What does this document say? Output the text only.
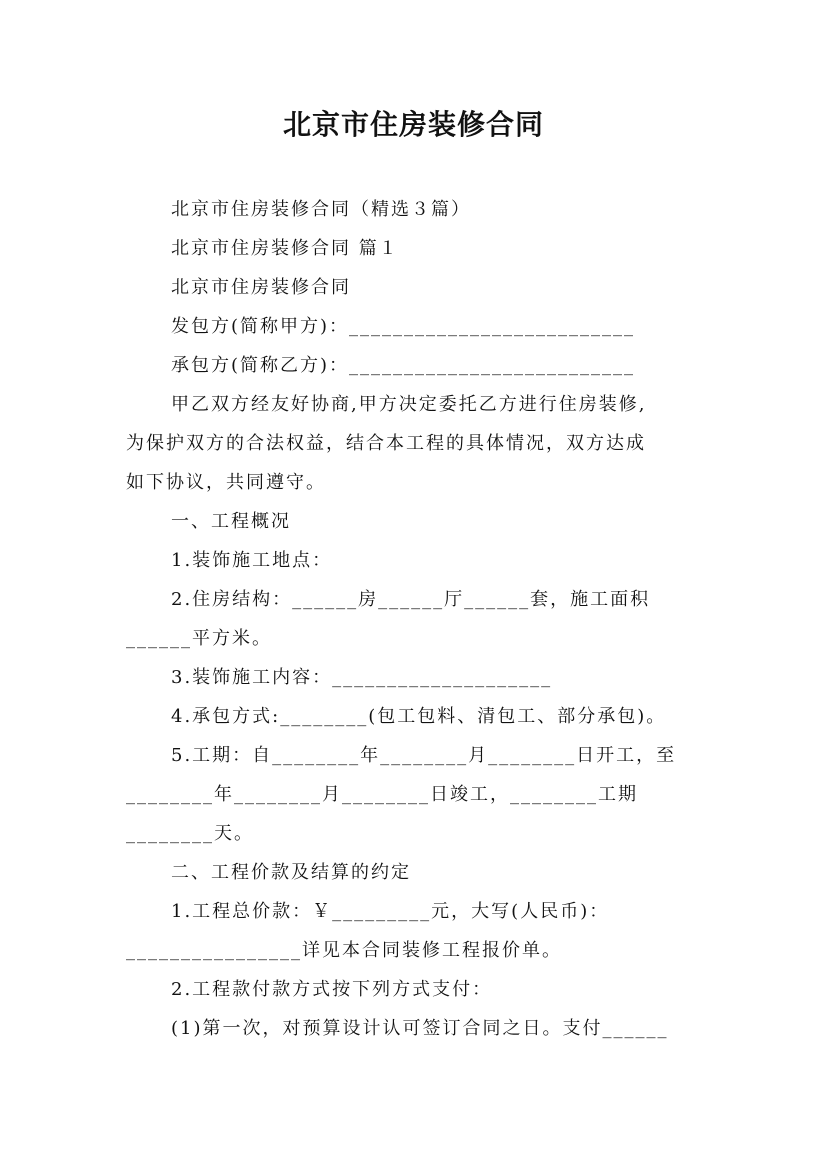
北京市住房装修合同
北京市住房装修合同（精选３篇）
北京市住房装修合同 篇１
北京市住房装修合同
发包方(简称甲方)：__________________________
承包方(简称乙方)：__________________________
甲乙双方经友好协商,甲方决定委托乙方进行住房装修,
为保护双方的合法权益，结合本工程的具体情况，双方达成
如下协议，共同遵守。
一、工程概况
1.装饰施工地点：
2.住房结构：______房______厅______套，施工面积
______平方米。
3.装饰施工内容：____________________
4.承包方式:________(包工包料、清包工、部分承包)。
5.工期：自________年________月________日开工，至
________年________月________日竣工，________工期
________天。
二、工程价款及结算的约定
1.工程总价款：￥_________元，大写(人民币)：
________________详见本合同装修工程报价单。
2.工程款付款方式按下列方式支付：
(1)第一次，对预算设计认可签订合同之日。支付______
